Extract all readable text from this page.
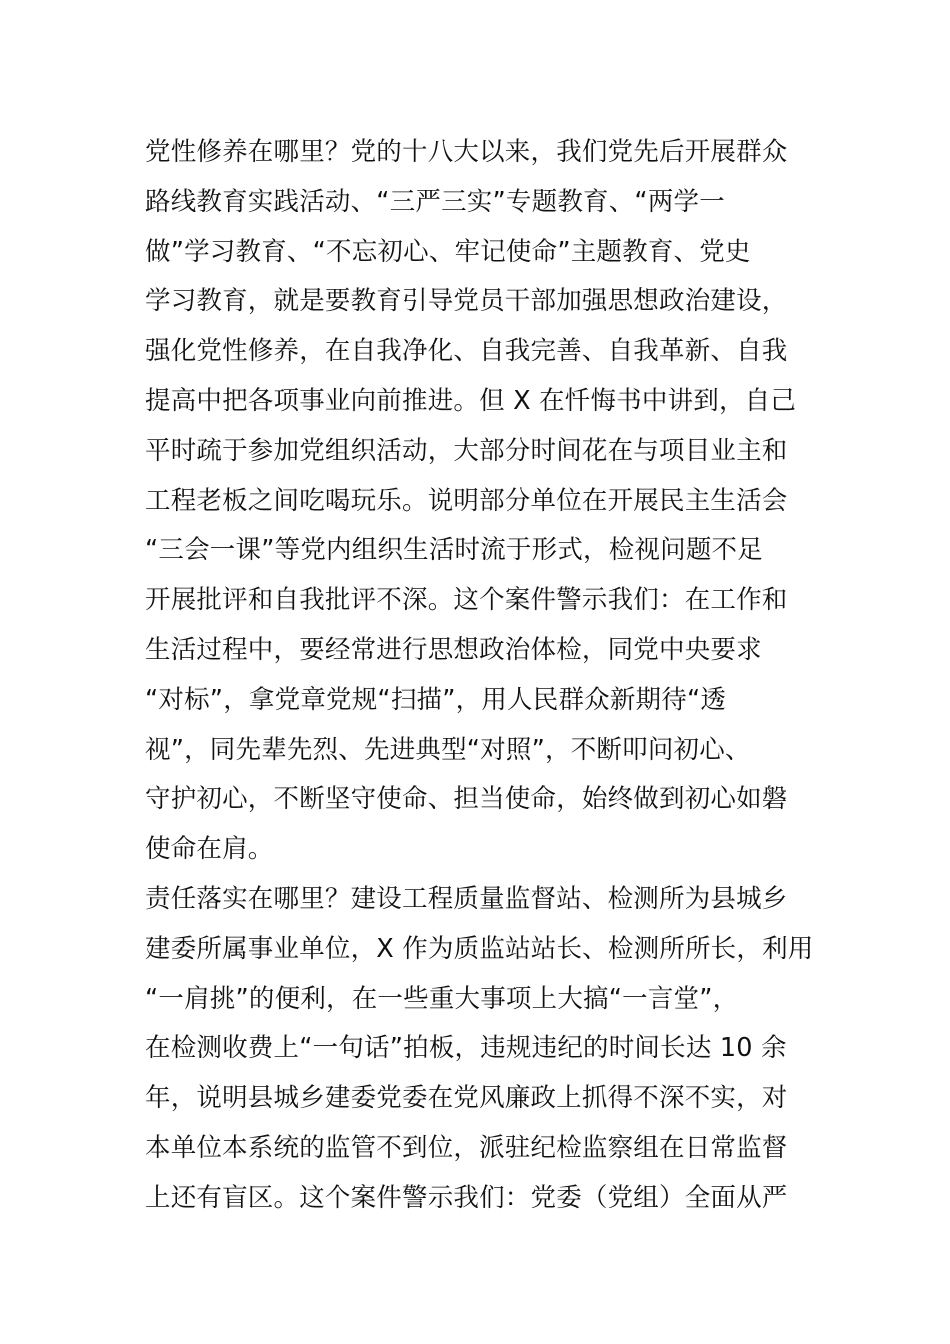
党性修养在哪里？党的十八大以来，我们党先后开展群众
路线教育实践活动、“三严三实”专题教育、“两学一
做”学习教育、“不忘初心、牢记使命”主题教育、党史
学习教育，就是要教育引导党员干部加强思想政治建设，
强化党性修养，在自我净化、自我完善、自我革新、自我
提高中把各项事业向前推进。但 X 在忏悔书中讲到，自己
平时疏于参加党组织活动，大部分时间花在与项目业主和
工程老板之间吃喝玩乐。说明部分单位在开展民主生活会
“三会一课”等党内组织生活时流于形式，检视问题不足
开展批评和自我批评不深。这个案件警示我们：在工作和
生活过程中，要经常进行思想政治体检，同党中央要求
“对标”，拿党章党规“扫描”，用人民群众新期待“透
视”，同先辈先烈、先进典型“对照”，不断叩问初心、
守护初心，不断坚守使命、担当使命，始终做到初心如磐
使命在肩。
责任落实在哪里？建设工程质量监督站、检测所为县城乡
建委所属事业单位，X 作为质监站站长、检测所所长，利用
“一肩挑”的便利，在一些重大事项上大搞“一言堂”，
在检测收费上“一句话”拍板，违规违纪的时间长达 10 余
年，说明县城乡建委党委在党风廉政上抓得不深不实，对
本单位本系统的监管不到位，派驻纪检监察组在日常监督
上还有盲区。这个案件警示我们：党委（党组）全面从严
